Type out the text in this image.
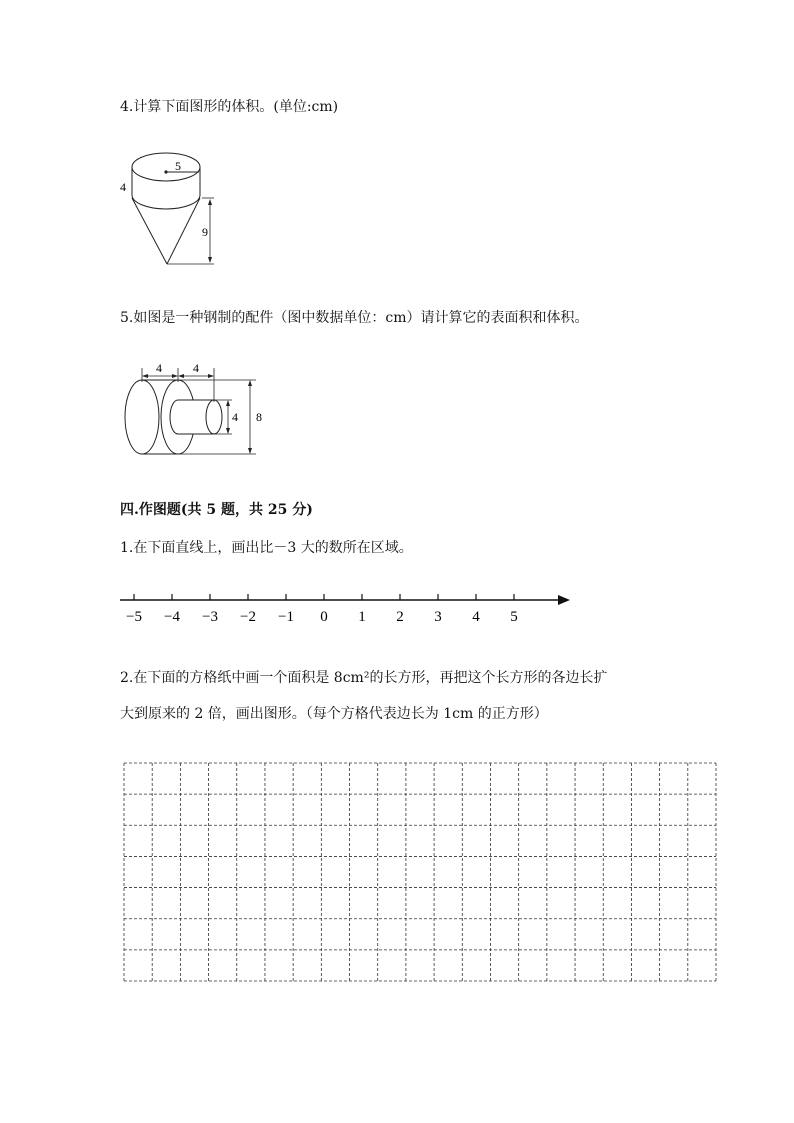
4.计算下面图形的体积。(单位:cm)
5
4
9
5.如图是一种钢制的配件（图中数据单位：cm）请计算它的表面积和体积。
4	4
4 8
四.作图题(共 5 题，共 25 分)
1.在下面直线上，画出比－3 大的数所在区域。
−5 −4 −3 −2 −1 0 1 2 3 4 5
2.在下面的方格纸中画一个面积是 8cm²的长方形，再把这个长方形的各边长扩
大到原来的 2 倍，画出图形。（每个方格代表边长为 1cm 的正方形）
